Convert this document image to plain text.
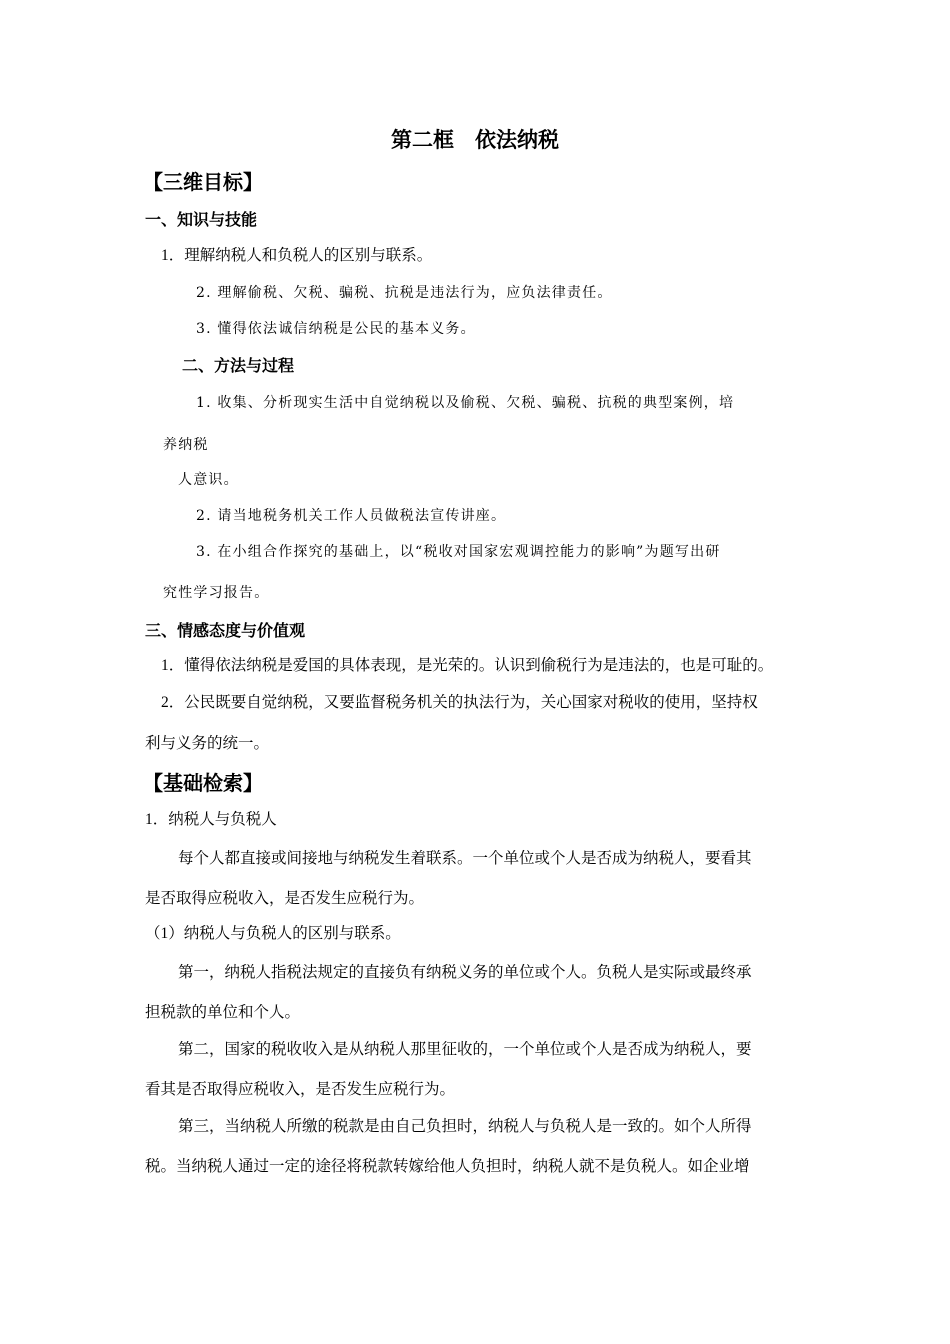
第二框　依法纳税
【三维目标】
一、知识与技能
1．理解纳税人和负税人的区别与联系。
2. 理解偷税、欠税、骗税、抗税是违法行为，应负法律责任。
3. 懂得依法诚信纳税是公民的基本义务。
二、方法与过程
1. 收集、分析现实生活中自觉纳税以及偷税、欠税、骗税、抗税的典型案例，培
养纳税
人意识。
2. 请当地税务机关工作人员做税法宣传讲座。
3. 在小组合作探究的基础上，以“税收对国家宏观调控能力的影响”为题写出研
究性学习报告。
三、情感态度与价值观
1．懂得依法纳税是爱国的具体表现，是光荣的。认识到偷税行为是违法的，也是可耻的。
2．公民既要自觉纳税，又要监督税务机关的执法行为，关心国家对税收的使用，坚持权
利与义务的统一。
【基础检索】
1．纳税人与负税人
每个人都直接或间接地与纳税发生着联系。一个单位或个人是否成为纳税人，要看其
是否取得应税收入，是否发生应税行为。
（1）纳税人与负税人的区别与联系。
第一，纳税人指税法规定的直接负有纳税义务的单位或个人。负税人是实际或最终承
担税款的单位和个人。
第二，国家的税收收入是从纳税人那里征收的，一个单位或个人是否成为纳税人，要
看其是否取得应税收入，是否发生应税行为。
第三，当纳税人所缴的税款是由自己负担时，纳税人与负税人是一致的。如个人所得
税。当纳税人通过一定的途径将税款转嫁给他人负担时，纳税人就不是负税人。如企业增
